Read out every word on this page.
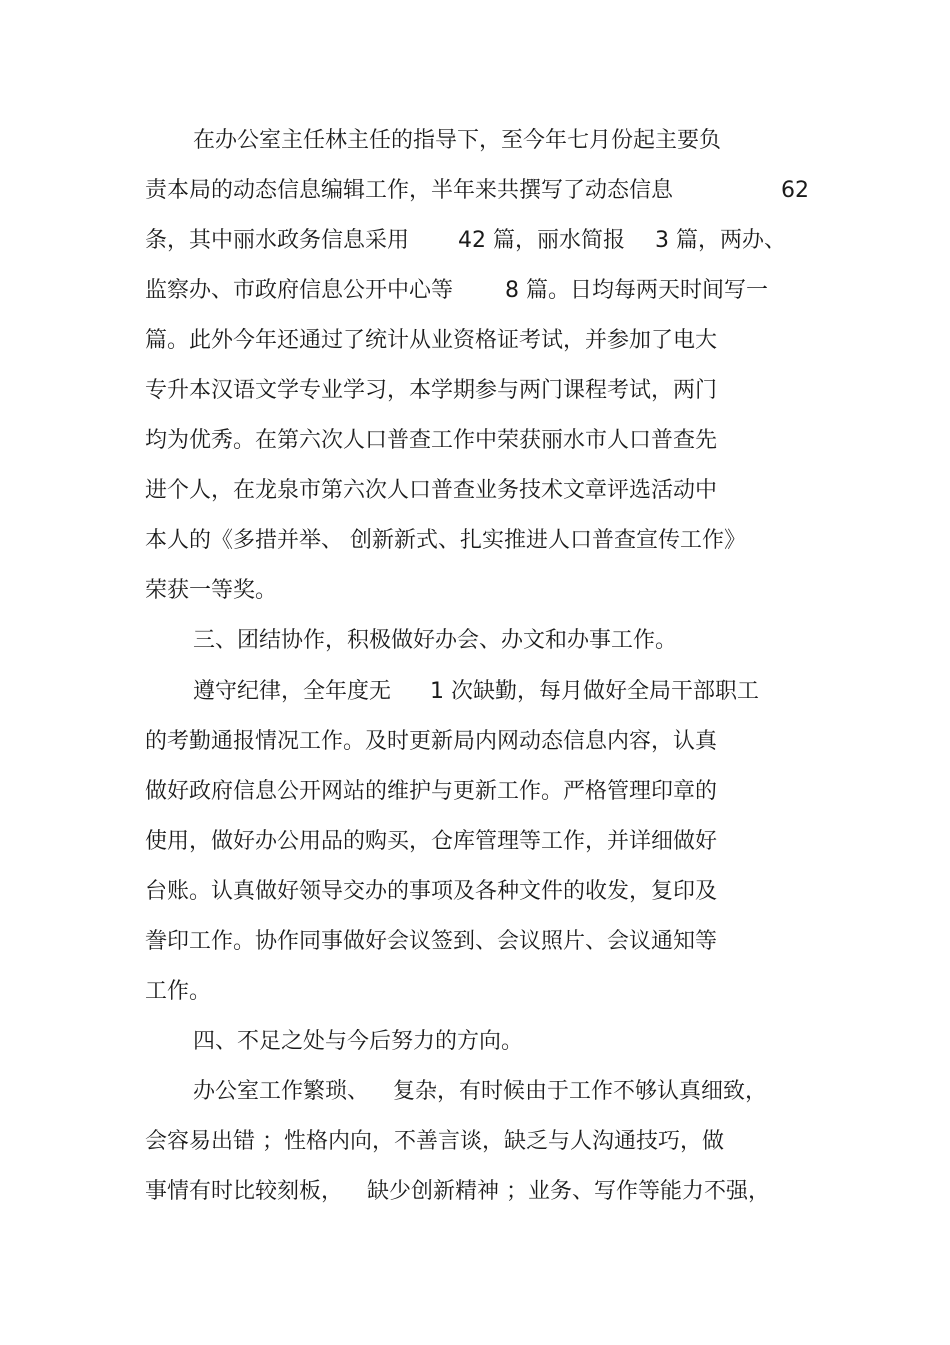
在办公室主任林主任的指导下，至今年七月份起主要负
责本局的动态信息编辑工作，半年来共撰写了动态信息	62
条，其中丽水政务信息采用 42 篇，丽水简报 3 篇，两办、
监察办、市政府信息公开中心等 8 篇。日均每两天时间写一
篇。此外今年还通过了统计从业资格证考试，并参加了电大
专升本汉语文学专业学习，本学期参与两门课程考试，两门
均为优秀。在第六次人口普查工作中荣获丽水市人口普查先
进个人，在龙泉市第六次人口普查业务技术文章评选活动中
本人的《多措并举、 创新新式、扎实推进人口普查宣传工作》
荣获一等奖。
三、团结协作，积极做好办会、办文和办事工作。
遵守纪律，全年度无 1 次缺勤，每月做好全局干部职工
的考勤通报情况工作。及时更新局内网动态信息内容，认真
做好政府信息公开网站的维护与更新工作。严格管理印章的
使用，做好办公用品的购买，仓库管理等工作，并详细做好
台账。认真做好领导交办的事项及各种文件的收发，复印及
誊印工作。协作同事做好会议签到、会议照片、会议通知等
工作。
四、不足之处与今后努力的方向。
办公室工作繁琐、 复杂，有时候由于工作不够认真细致，
会容易出错 ；性格内向，不善言谈，缺乏与人沟通技巧，做
事情有时比较刻板， 缺少创新精神 ；业务、写作等能力不强，
